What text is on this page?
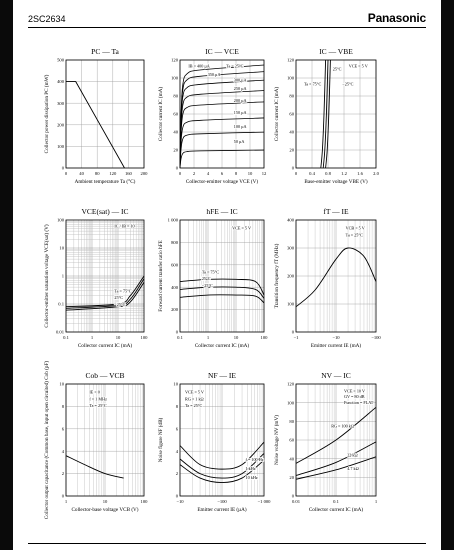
2SC2634	Panasonic
PC — Ta
0	40 80 120 160 200
0
100
200
300
400
500
Ambient temperature Ta (°C)
Collector power dissipation PC (mW)
IC — VCE
0	2	4	6	8 10 12
0
20
40
60
80
100
120
Collector-emitter voltage VCE (V)
Collector current IC (mA)
IB = 400 µA	Ta = 25°C
350 µA
300 µA
250 µA
200 µA
150 µA
100 µA
50 µA
IC — VBE
0	0.4 0.8 1.2 1.6 2.0
0
20
40
60
80
100
120
Base-emitter voltage VBE (V)
Collector current IC (mA)
VCE = 5 V
25°C
Ta = 75°C	−25°C
VCE(sat) — IC
0.1	1	10	100
0.01
0.1
1
10
100
Collector current IC (mA)
Collector-emitter saturation voltage VCE(sat) (V)	IC / IB = 10
Ta = 75°C
25°C
−25°C
hFE — IC
0.1	1	10	100
0
200
400
600
800
1 000
Collector current IC (mA)
Forward current transfer ratio hFE
VCE = 5 V
Ta = 75°C
25°C
−25°C
fT — IE
−1	−10	−100
0
100
200
300
400
Emitter current IE (mA)
Transition frequency fT (MHz)
VCB = 5 V
Ta = 25°C
Cob — VCB
1	10	100
0
2
4
6
8
10
Collector-base voltage VCB (V)
Collector output capacitance (Common base, input open circuited) Cob (pF)	IE = 0
f = 1 MHz
Ta = 25°C
NF — IE
−10	−100	−1 000
0
2
4
6
8
10
Emitter current IE (µA)
Noise figure NF (dB)
VCE = 5 V
RG = 1 kΩ
Ta = 25°C
f = 100 Hz
1 kHz
10 kHz
NV — IC
0.01	0.1	1
0
20
40
60
80
100
120
Collector current IC (mA)
Noise voltage NV (mV)
VCE = 10 V
GV = 80 dB
Function = FLAT
RG = 100 kΩ
22 kΩ
4.7 kΩ
